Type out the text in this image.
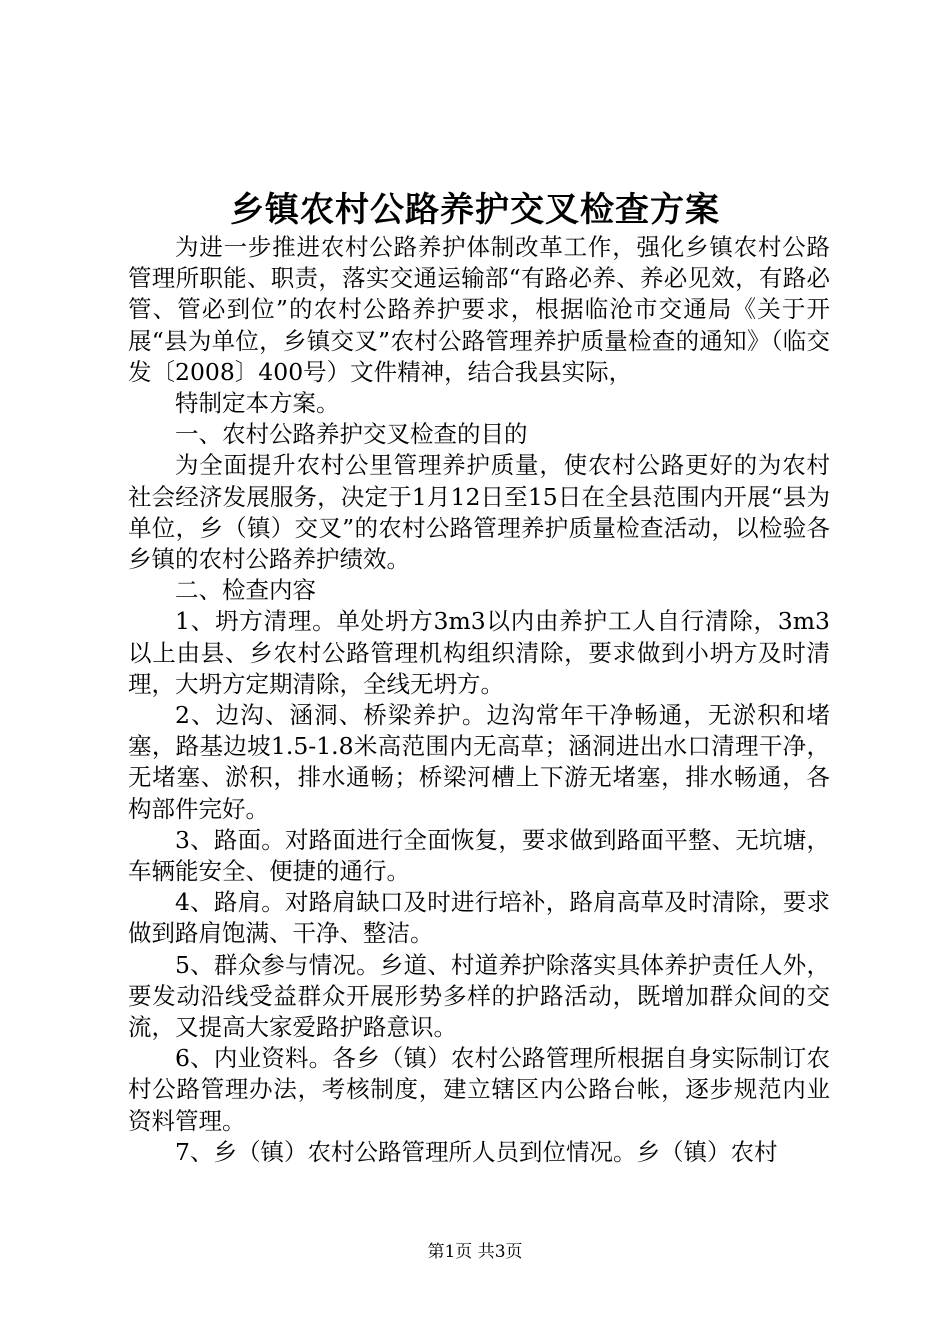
乡镇农村公路养护交叉检查方案

为进一步推进农村公路养护体制改革工作，强化乡镇农村公路管理所职能、职责，落实交通运输部“有路必养、养必见效，有路必管、管必到位”的农村公路养护要求，根据临沧市交通局《关于开展“县为单位，乡镇交叉”农村公路管理养护质量检查的通知》（临交发〔2008〕400号）文件精神，结合我县实际，

特制定本方案。

一、农村公路养护交叉检查的目的

为全面提升农村公里管理养护质量，使农村公路更好的为农村社会经济发展服务，决定于1月12日至15日在全县范围内开展“县为单位，乡（镇）交叉”的农村公路管理养护质量检查活动，以检验各乡镇的农村公路养护绩效。

二、检查内容

1、坍方清理。单处坍方3m3以内由养护工人自行清除，3m3以上由县、乡农村公路管理机构组织清除，要求做到小坍方及时清理，大坍方定期清除，全线无坍方。

2、边沟、涵洞、桥梁养护。边沟常年干净畅通，无淤积和堵塞，路基边坡1.5-1.8米高范围内无高草；涵洞进出水口清理干净，无堵塞、淤积，排水通畅；桥梁河槽上下游无堵塞，排水畅通，各构部件完好。

3、路面。对路面进行全面恢复，要求做到路面平整、无坑塘，车辆能安全、便捷的通行。

4、路肩。对路肩缺口及时进行培补，路肩高草及时清除，要求做到路肩饱满、干净、整洁。

5、群众参与情况。乡道、村道养护除落实具体养护责任人外，要发动沿线受益群众开展形势多样的护路活动，既增加群众间的交流，又提高大家爱路护路意识。

6、内业资料。各乡（镇）农村公路管理所根据自身实际制订农村公路管理办法，考核制度，建立辖区内公路台帐，逐步规范内业资料管理。

7、乡（镇）农村公路管理所人员到位情况。乡（镇）农村

第1页 共3页
